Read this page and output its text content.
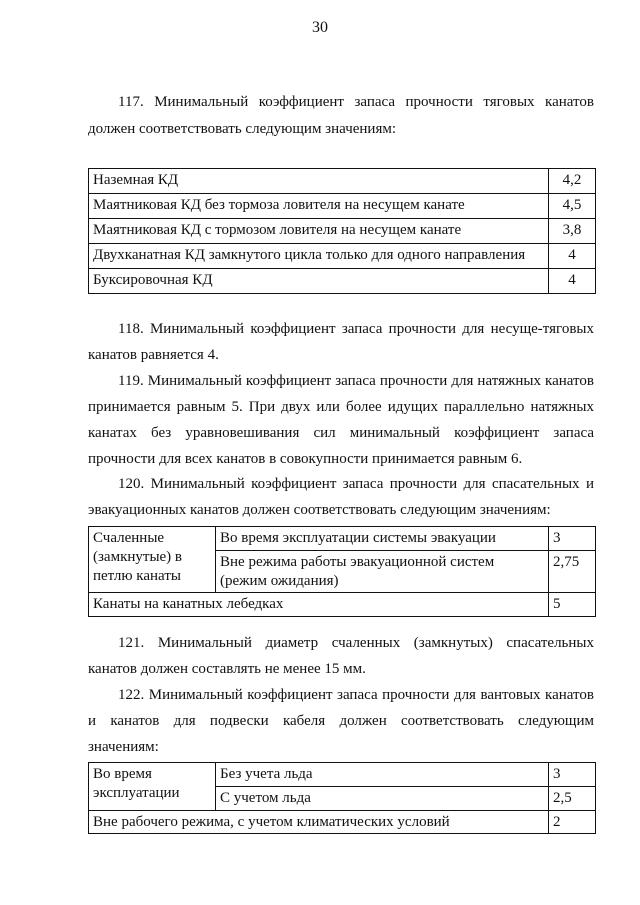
30
117. Минимальный коэффициент запаса прочности тяговых канатов
должен соответствовать следующим значениям:
Наземная КД	4,2
Маятниковая КД без тормоза ловителя на несущем канате	4,5
Маятниковая КД с тормозом ловителя на несущем канате	3,8
Двухканатная КД замкнутого цикла только для одного направления	4
Буксировочная КД	4
118. Минимальный коэффициент запаса прочности для несуще-тяговых канатов равняется 4.
119. Минимальный коэффициент запаса прочности для натяжных канатов принимается равным 5. При двух или более идущих параллельно натяжных канатах без уравновешивания сил минимальный коэффициент запаса прочности для всех канатов в совокупности принимается равным 6.
120. Минимальный коэффициент запаса прочности для спасательных и эвакуационных канатов должен соответствовать следующим значениям:
Счаленные (замкнутые) в петлю канаты	Во время эксплуатации системы эвакуации	3
	Вне режима работы эвакуационной систем (режим ожидания)	2,75
Канаты на канатных лебедках		5
121. Минимальный диаметр счаленных (замкнутых) спасательных канатов должен составлять не менее 15 мм.
122. Минимальный коэффициент запаса прочности для вантовых канатов и канатов для подвески кабеля должен соответствовать следующим значениям:
Во время эксплуатации	Без учета льда	3
	С учетом льда	2,5
Вне рабочего режима, с учетом климатических условий		2
